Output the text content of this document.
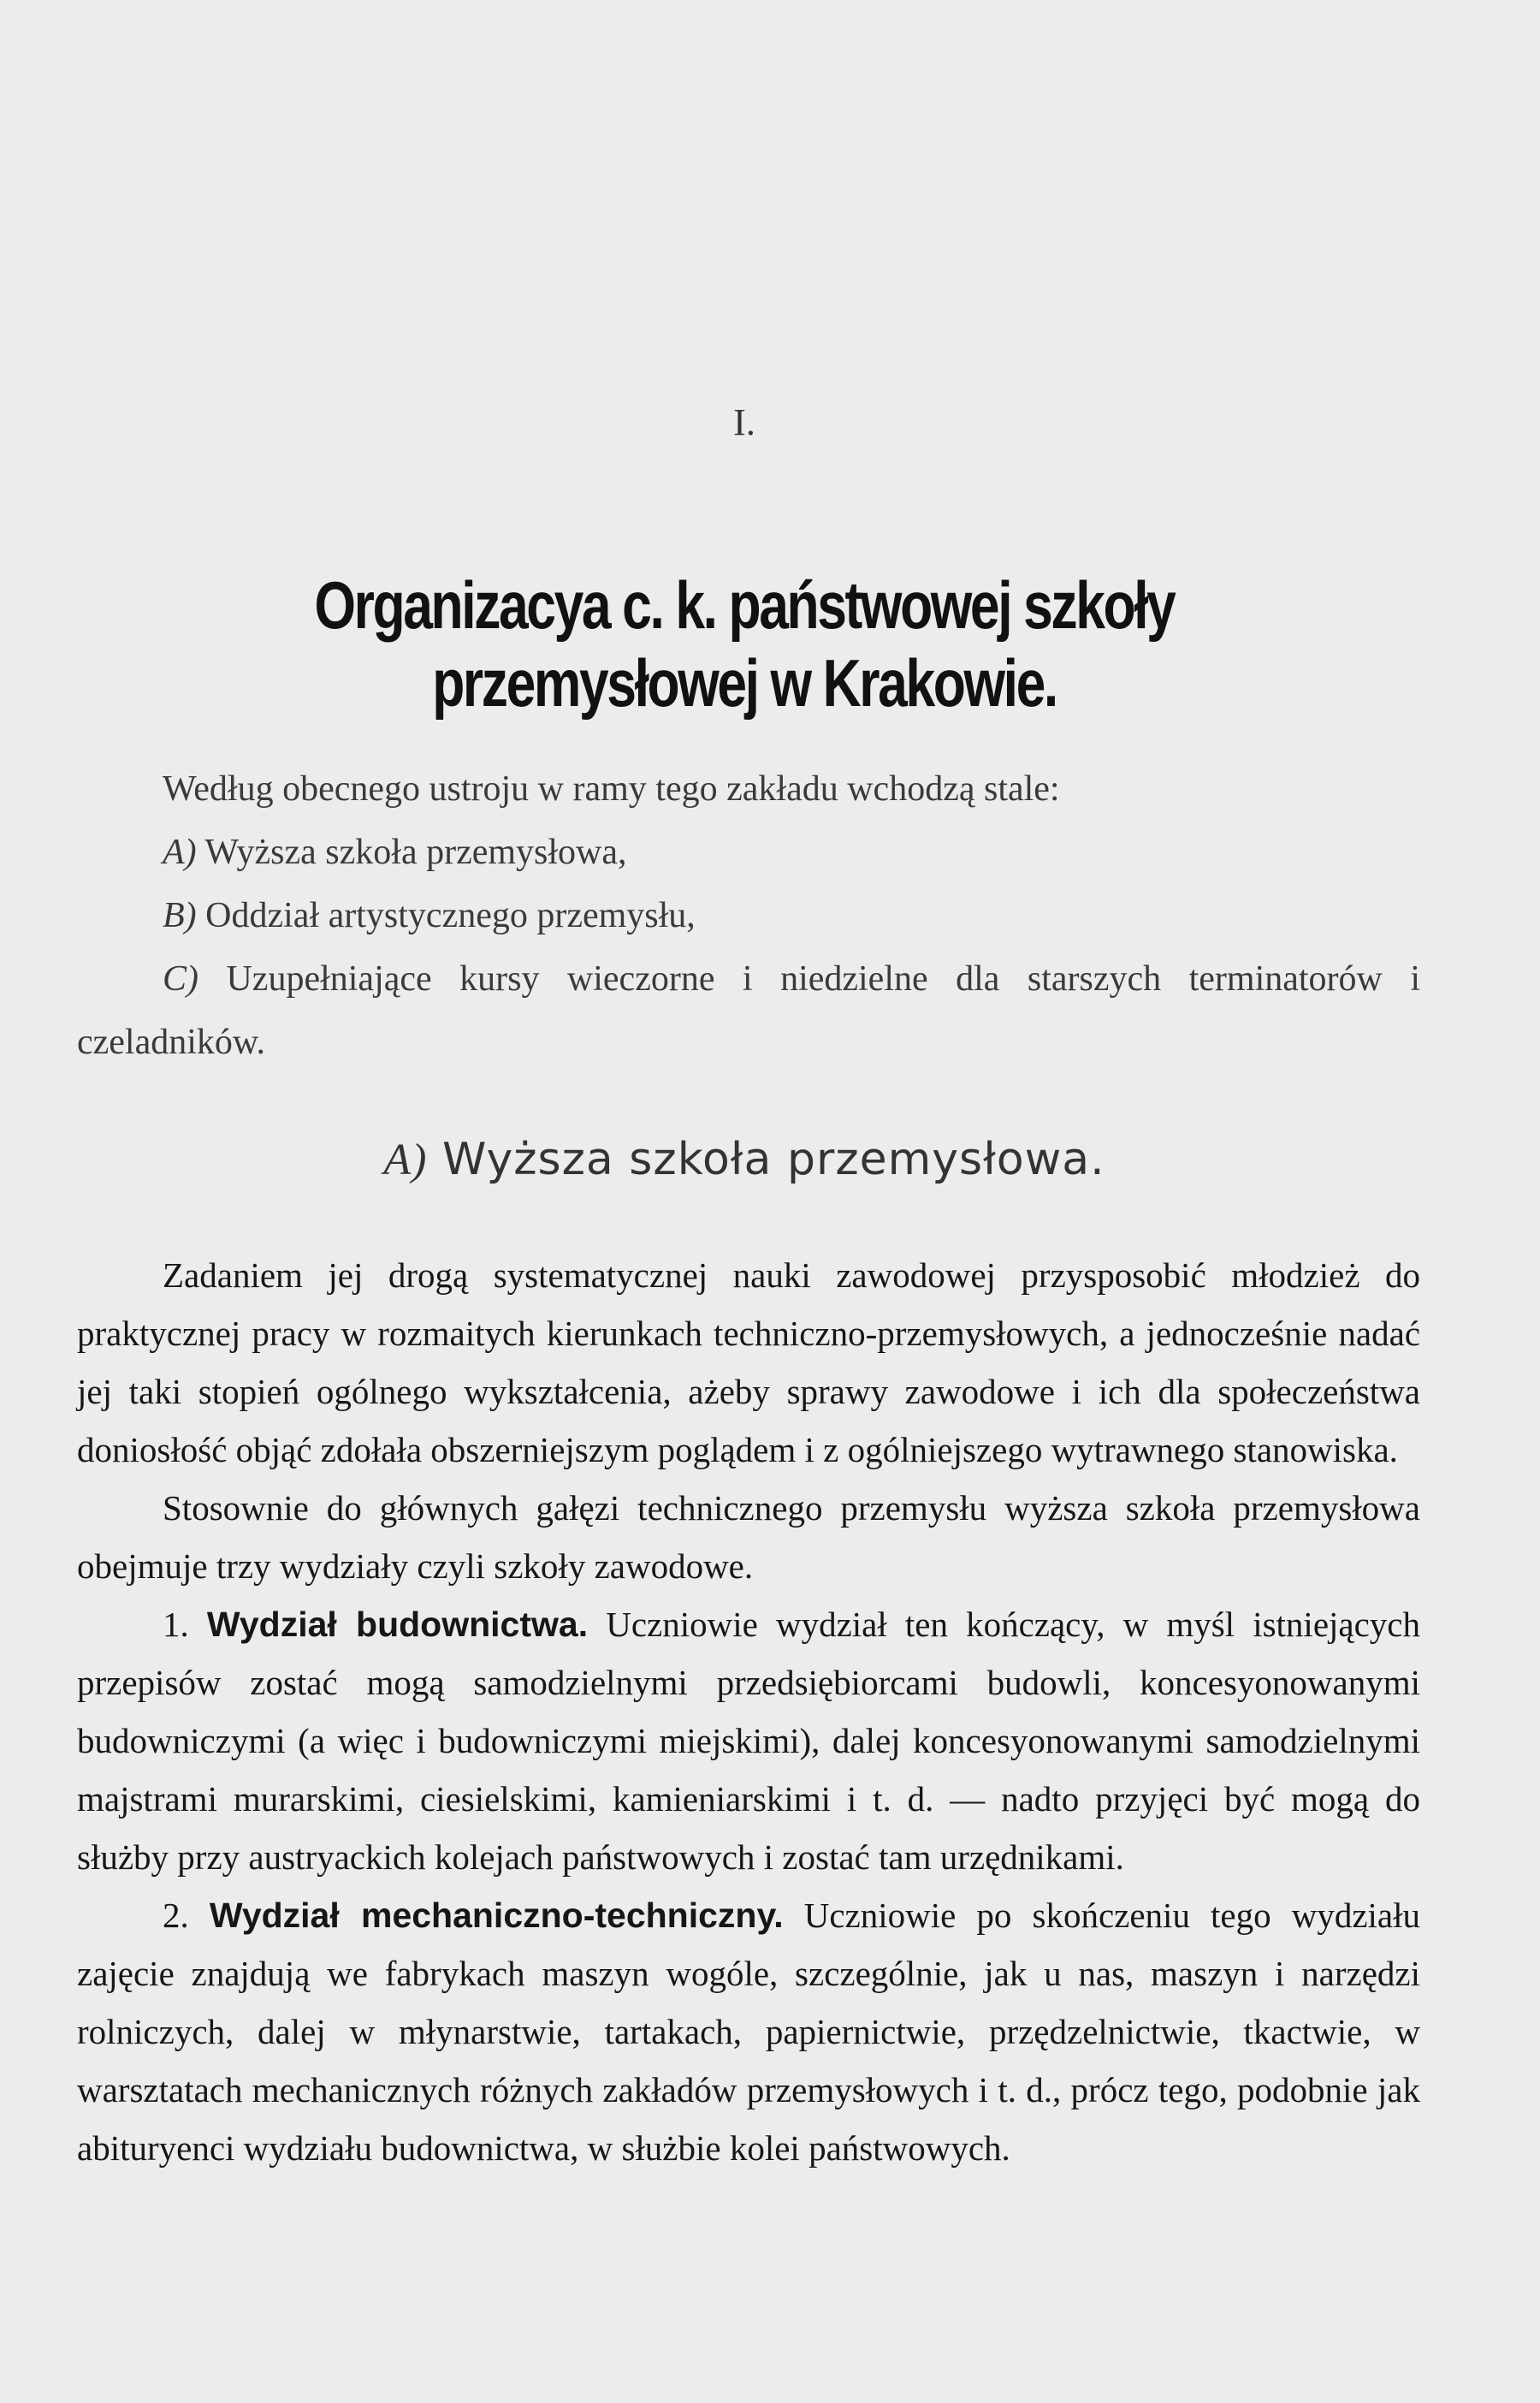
I.
Organizacya c. k. państwowej szkoły przemysłowej w Krakowie.

Według obecnego ustroju w ramy tego zakładu wchodzą stale:

A) Wyższa szkoła przemysłowa,

B) Oddział artystycznego przemysłu,

C) Uzupełniające kursy wieczorne i niedzielne dla starszych terminatorów i czeladników.

A) Wyższa szkoła przemysłowa.

Zadaniem jej drogą systematycznej nauki zawodowej przysposobić młodzież do praktycznej pracy w rozmaitych kierunkach techniczno-przemysłowych, a jednocześnie nadać jej taki stopień ogólnego wykształcenia, ażeby sprawy zawodowe i ich dla społeczeństwa doniosłość objąć zdołała obszerniejszym poglądem i z ogólniejszego wytrawnego stanowiska.

Stosownie do głównych gałęzi technicznego przemysłu wyższa szkoła przemysłowa obejmuje trzy wydziały czyli szkoły zawodowe.

1. Wydział budownictwa. Uczniowie wydział ten kończący, w myśl istniejących przepisów zostać mogą samodzielnymi przedsiębiorcami budowli, koncesyonowanymi budowniczymi (a więc i budowniczymi miejskimi), dalej koncesyonowanymi samodzielnymi majstrami murarskimi, ciesielskimi, kamieniarskimi i t. d. — nadto przyjęci być mogą do służby przy austryackich kolejach państwowych i zostać tam urzędnikami.

2. Wydział mechaniczno-techniczny. Uczniowie po skończeniu tego wydziału zajęcie znajdują we fabrykach maszyn wogóle, szczególnie, jak u nas, maszyn i narzędzi rolniczych, dalej w młynarstwie, tartakach, papiernictwie, przędzelnictwie, tkactwie, w warsztatach mechanicznych różnych zakładów przemysłowych i t. d., prócz tego, podobnie jak abituryenci wydziału budownictwa, w służbie kolei państwowych.
